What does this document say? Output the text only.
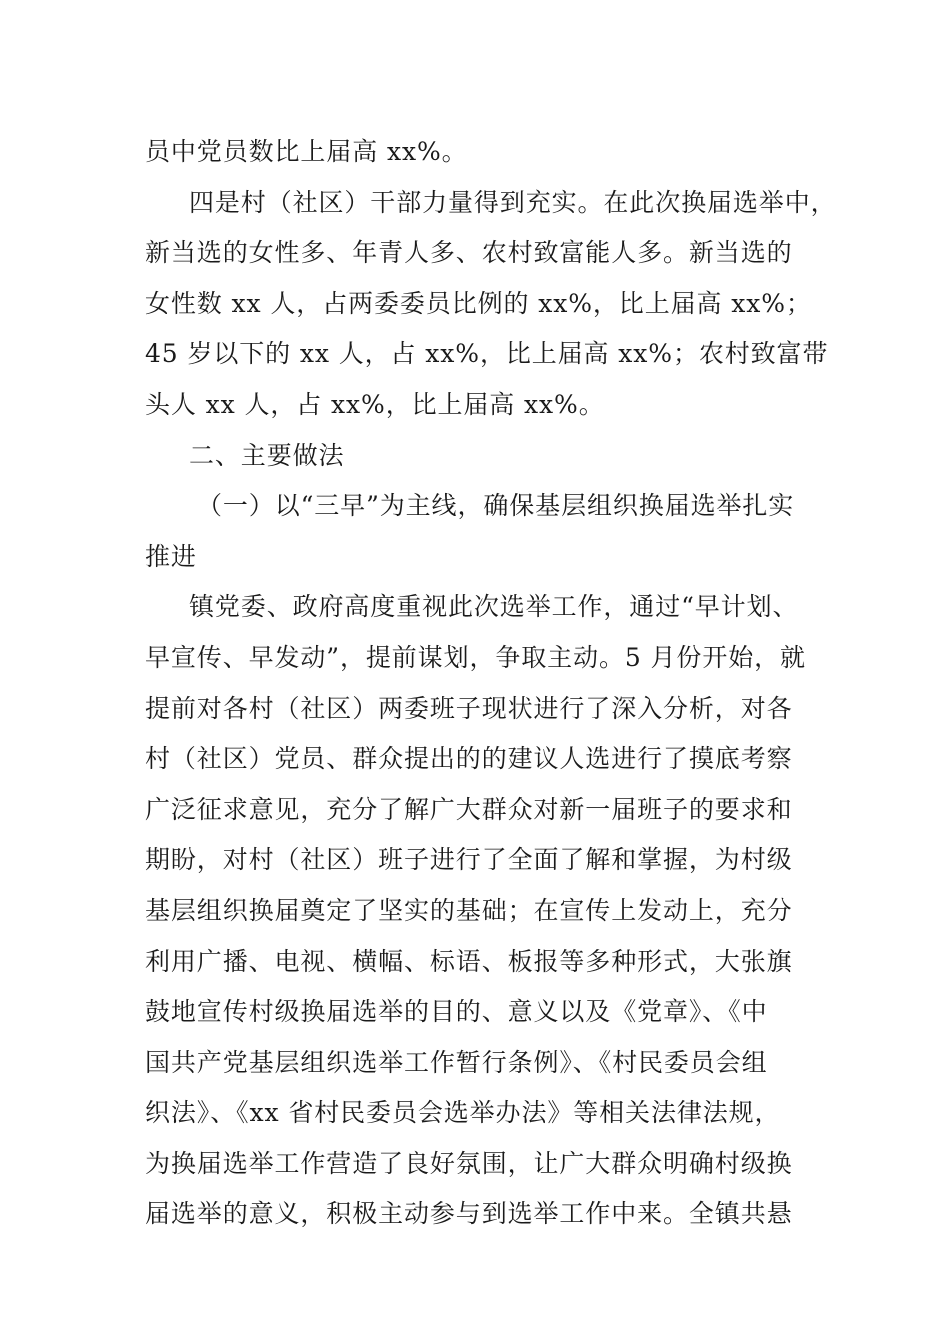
员中党员数比上届高 xx%。
四是村（社区）干部力量得到充实。在此次换届选举中，
新当选的女性多、年青人多、农村致富能人多。新当选的
女性数 xx 人，占两委委员比例的 xx%，比上届高 xx%；
45 岁以下的 xx 人，占 xx%，比上届高 xx%；农村致富带
头人 xx 人，占 xx%，比上届高 xx%。
二、主要做法
（一）以“三早”为主线，确保基层组织换届选举扎实
推进
镇党委、政府高度重视此次选举工作，通过“早计划、
早宣传、早发动”，提前谋划，争取主动。5 月份开始，就
提前对各村（社区）两委班子现状进行了深入分析，对各
村（社区）党员、群众提出的的建议人选进行了摸底考察
广泛征求意见，充分了解广大群众对新一届班子的要求和
期盼，对村（社区）班子进行了全面了解和掌握，为村级
基层组织换届奠定了坚实的基础；在宣传上发动上，充分
利用广播、电视、横幅、标语、板报等多种形式，大张旗
鼓地宣传村级换届选举的目的、意义以及《党章》、《中
国共产党基层组织选举工作暂行条例》、《村民委员会组
织法》、《xx 省村民委员会选举办法》等相关法律法规，
为换届选举工作营造了良好氛围，让广大群众明确村级换
届选举的意义，积极主动参与到选举工作中来。全镇共悬
